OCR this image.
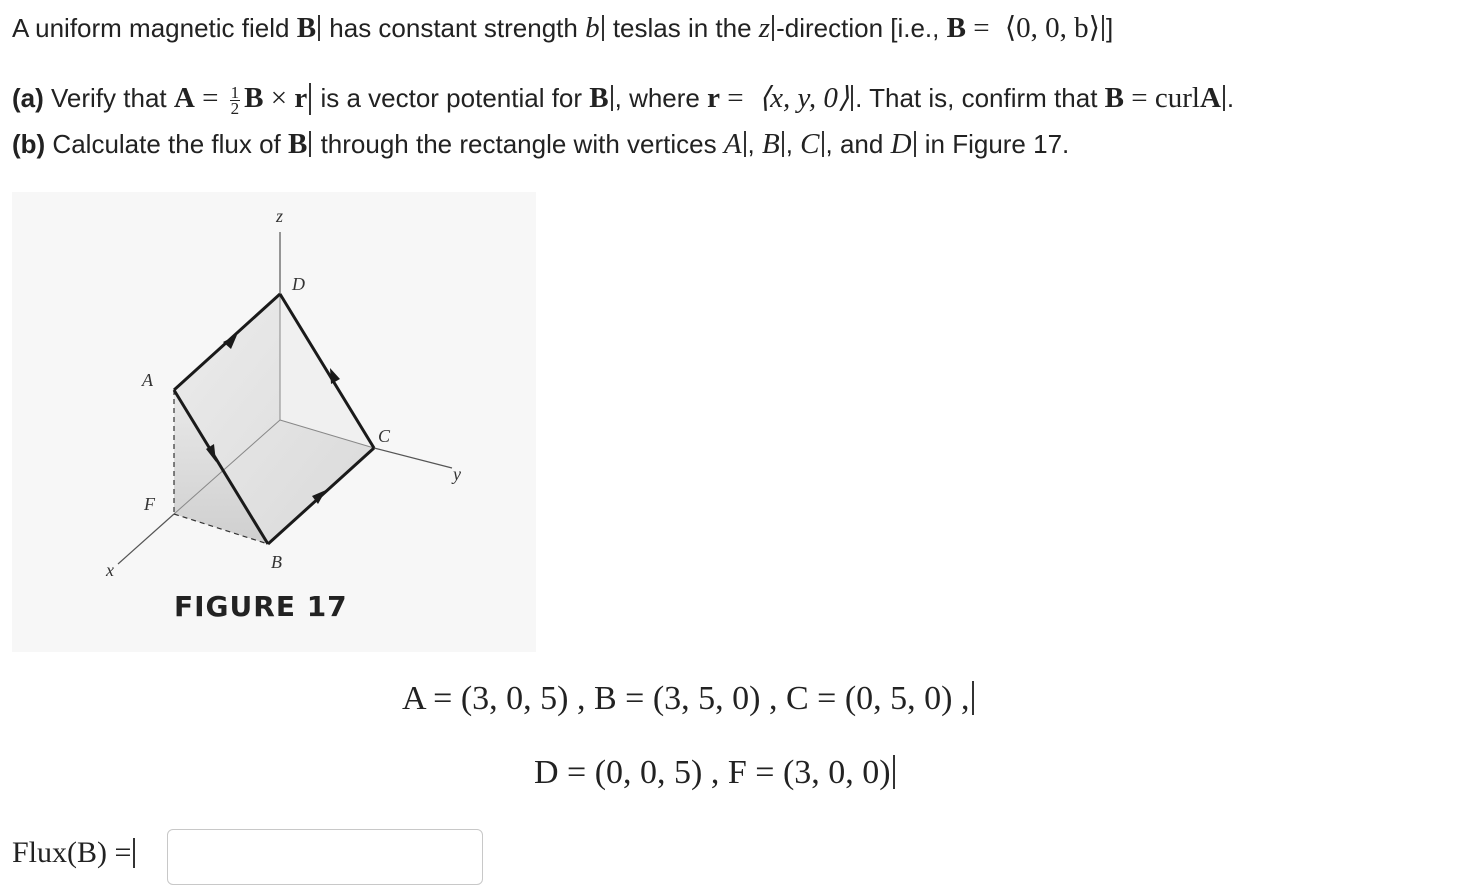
A uniform magnetic field B has constant strength b teslas in the z -direction [i.e., B = ⟨0, 0, b⟩ ]
(a) Verify that $A = \frac{1}{2}$ B × r is a vector potential for B , where r = ⟨x, y, 0⟩ . That is, confirm that B = curlA .
(b) Calculate the flux of B through the rectangle with vertices A , B , C , and D in Figure 17.
z
y
x
D
A
C
F
B
FIGURE 17
A = (3, 0, 5) , B = (3, 5, 0) , C = (0, 5, 0) ,
D = (0, 0, 5) , F = (3, 0, 0)
Flux(B) =
